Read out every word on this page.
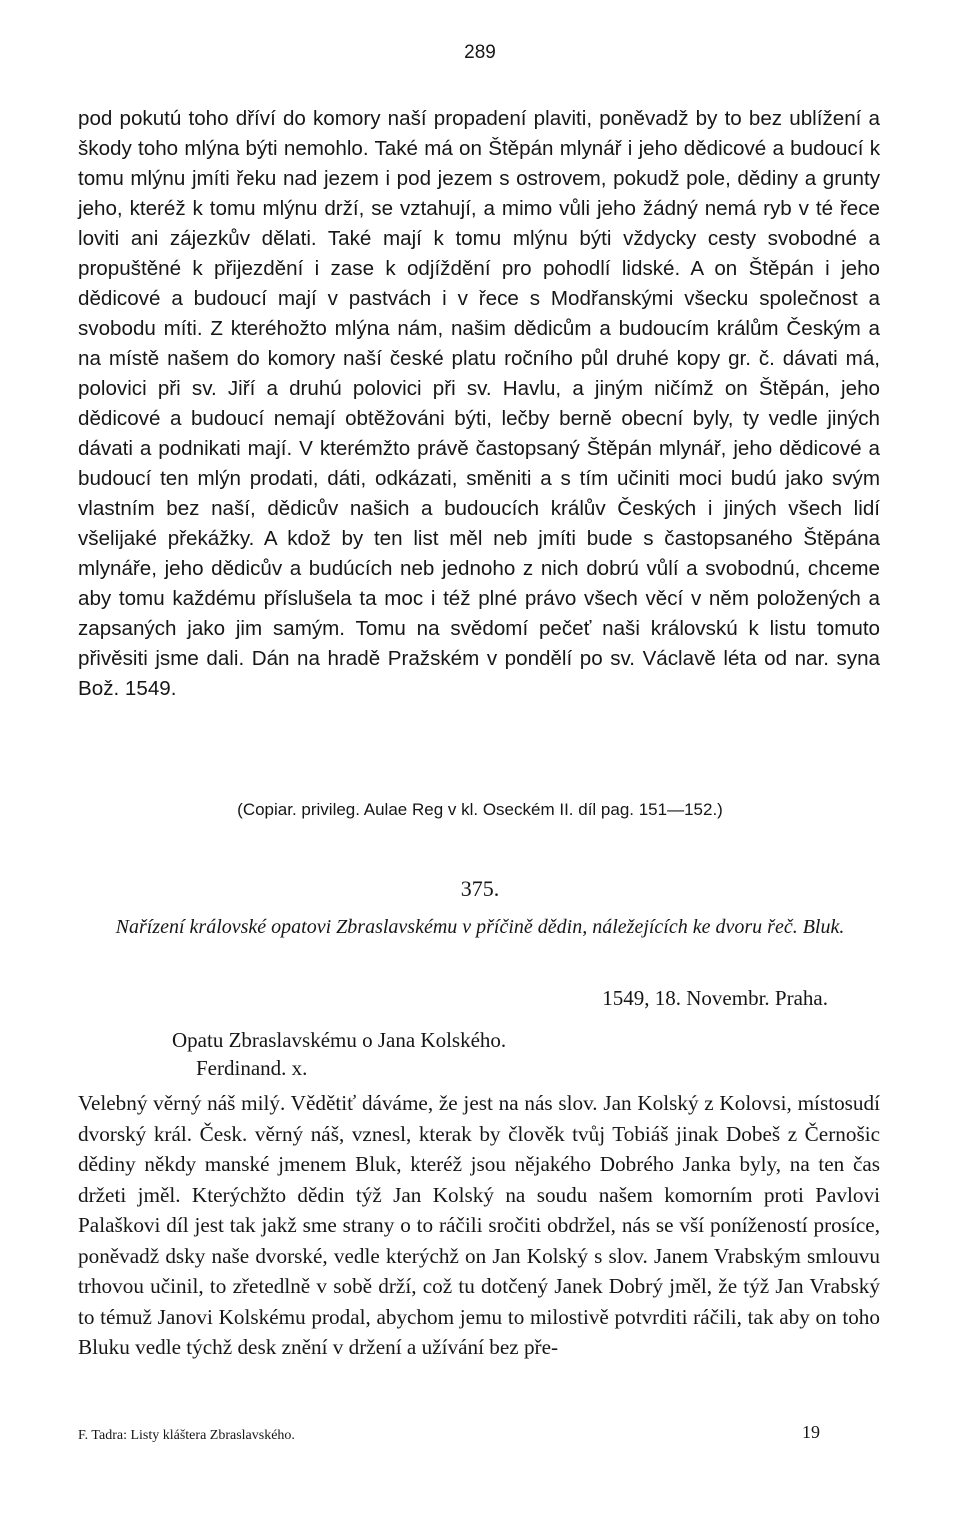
289
pod pokutú toho dříví do komory naší propadení plaviti, poněvadž by to bez ublížení a škody toho mlýna býti nemohlo. Také má on Štěpán mlynář i jeho dědicové a budoucí k tomu mlýnu jmíti řeku nad jezem i pod jezem s ostrovem, pokudž pole, dědiny a grunty jeho, kteréž k tomu mlýnu drží, se vztahují, a mimo vůli jeho žádný nemá ryb v té řece loviti ani zájezkův dělati. Také mají k tomu mlýnu býti vždycky cesty svobodné a propuštěné k přijezdění i zase k odjíždění pro pohodlí lidské. A on Štěpán i jeho dědicové a budoucí mají v pastvách i v řece s Modřanskými všecku společnost a svobodu míti. Z kteréhožto mlýna nám, našim dědicům a budoucím králům Českým a na místě našem do komory naší české platu ročního půl druhé kopy gr. č. dávati má, polovici při sv. Jiří a druhú polovici při sv. Havlu, a jiným ničímž on Štěpán, jeho dědicové a budoucí nemají obtěžováni býti, lečby berně obecní byly, ty vedle jiných dávati a podnikati mají. V kterémžto právě častopsaný Štěpán mlynář, jeho dědicové a budoucí ten mlýn prodati, dáti, odkázati, směniti a s tím učiniti moci budú jako svým vlastním bez naší, dědicův našich a budoucích králův Českých i jiných všech lidí všelijaké překážky. A kdož by ten list měl neb jmíti bude s častopsaného Štěpána mlynáře, jeho dědicův a budúcích neb jednoho z nich dobrú vůlí a svobodnú, chceme aby tomu každému příslušela ta moc i též plné právo všech věcí v něm položených a zapsaných jako jim samým. Tomu na svědomí pečeť naši královskú k listu tomuto přivěsiti jsme dali. Dán na hradě Pražském v pondělí po sv. Václavě léta od nar. syna Bož. 1549.
(Copiar. privileg. Aulae Reg v kl. Oseckém II. díl pag. 151—152.)
375.
Nařízení královské opatovi Zbraslavskému v příčině dědin, náležejících ke dvoru řeč. Bluk.
1549, 18. Novembr. Praha.
Opatu Zbraslavskému o Jana Kolského.
Ferdinand. x.
Velebný věrný náš milý. Vědětiť dáváme, že jest na nás slov. Jan Kolský z Kolovsi, místosudí dvorský král. Česk. věrný náš, vznesl, kterak by člověk tvůj Tobiáš jinak Dobeš z Černošic dědiny někdy manské jmenem Bluk, kteréž jsou nějakého Dobrého Janka byly, na ten čas držeti jměl. Kterýchžto dědin týž Jan Kolský na soudu našem komorním proti Pavlovi Palaškovi díl jest tak jakž sme strany o to ráčili sročiti obdržel, nás se vší ponížeností prosíce, poněvadž dsky naše dvorské, vedle kterýchž on Jan Kolský s slov. Janem Vrabským smlouvu trhovou učinil, to zřetedlně v sobě drží, což tu dotčený Janek Dobrý jměl, že týž Jan Vrabský to témuž Janovi Kolskému prodal, abychom jemu to milostivě potvrditi ráčili, tak aby on toho Bluku vedle týchž desk znění v držení a užívání bez pře-
F. Tadra: Listy kláštera Zbraslavského.	19
